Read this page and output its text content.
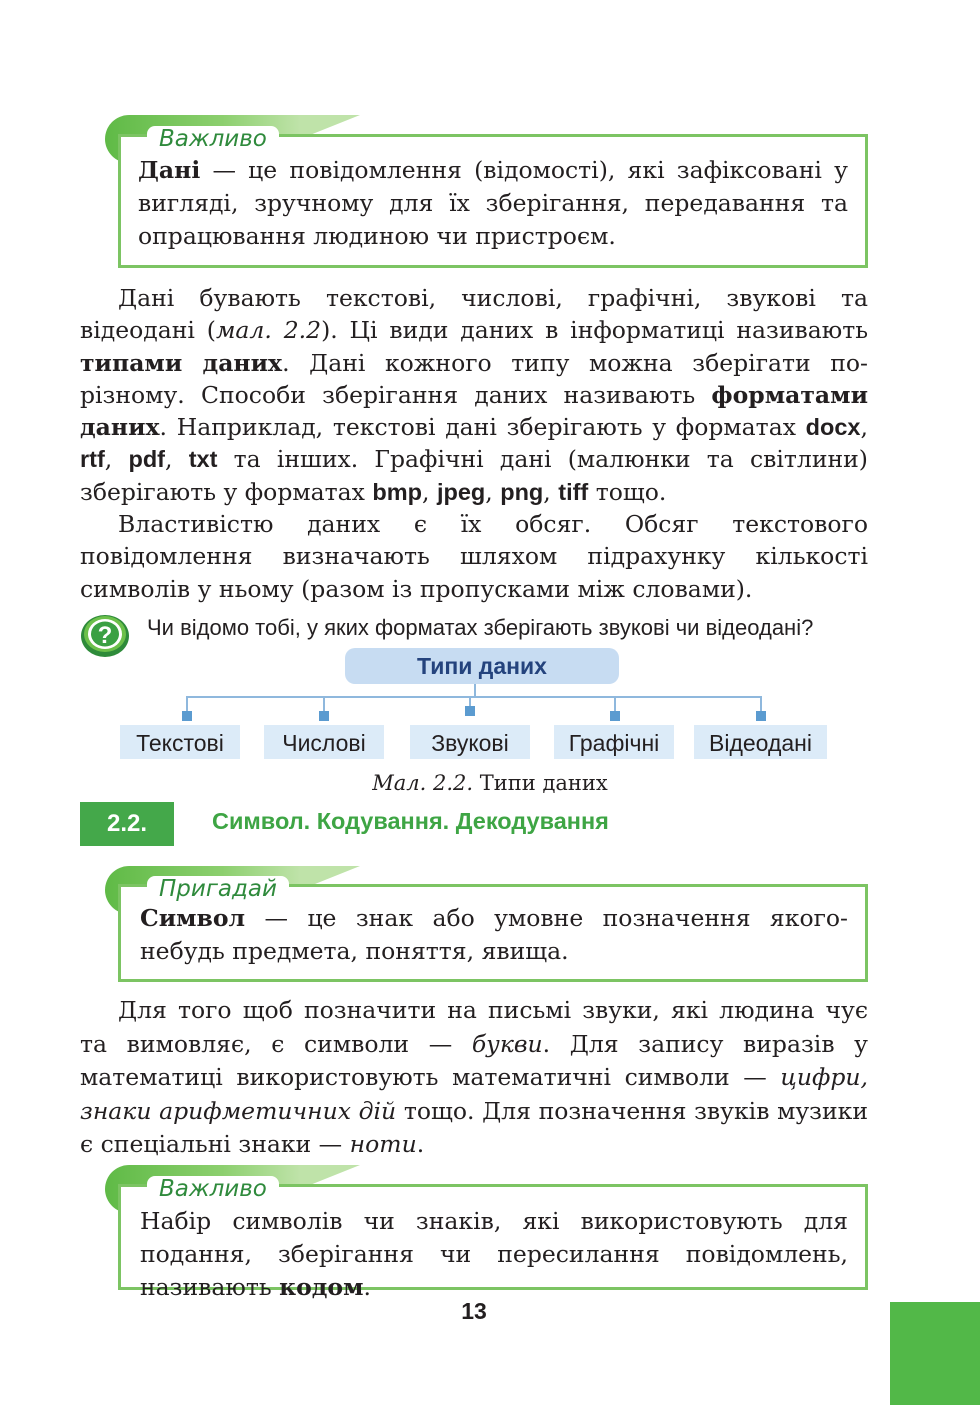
Важливо
Дані — це повідомлення (відомості), які зафіксовані у вигляді, зручному для їх зберігання, передавання та опрацювання людиною чи пристроєм.

Дані бувають текстові, числові, графічні, звукові та відеодані (мал. 2.2). Ці види даних в інформатиці називають типами даних. Дані кожного типу можна зберігати по-різному. Способи зберігання даних називають форматами даних. Наприклад, текстові дані зберігають у форматах docx, rtf, pdf, txt та інших. Графічні дані (малюнки та світлини) зберігають у форматах bmp, jpeg, png, tiff тощо.

Властивістю даних є їх обсяг. Обсяг текстового повідомлення визначають шляхом підрахунку кількості символів у ньому (разом із пропусками між словами).

? Чи відомо тобі, у яких форматах зберігають звукові чи відеодані?
Типи даних
Текстові	Числові	Звукові	Графічні	Відеодані
Мал. 2.2. Типи даних
2.2.	Символ. Кодування. Декодування
Пригадай
Символ — це знак або умовне позначення якого-небудь предмета, поняття, явища.

Для того щоб позначити на письмі звуки, які людина чує та вимовляє, є символи — букви. Для запису виразів у математиці використовують математичні символи — цифри, знаки арифметичних дій тощо. Для позначення звуків музики є спеціальні знаки — ноти.

Важливо
Набір символів чи знаків, які використовують для подання, зберігання чи пересилання повідомлень, називають кодом.
13
